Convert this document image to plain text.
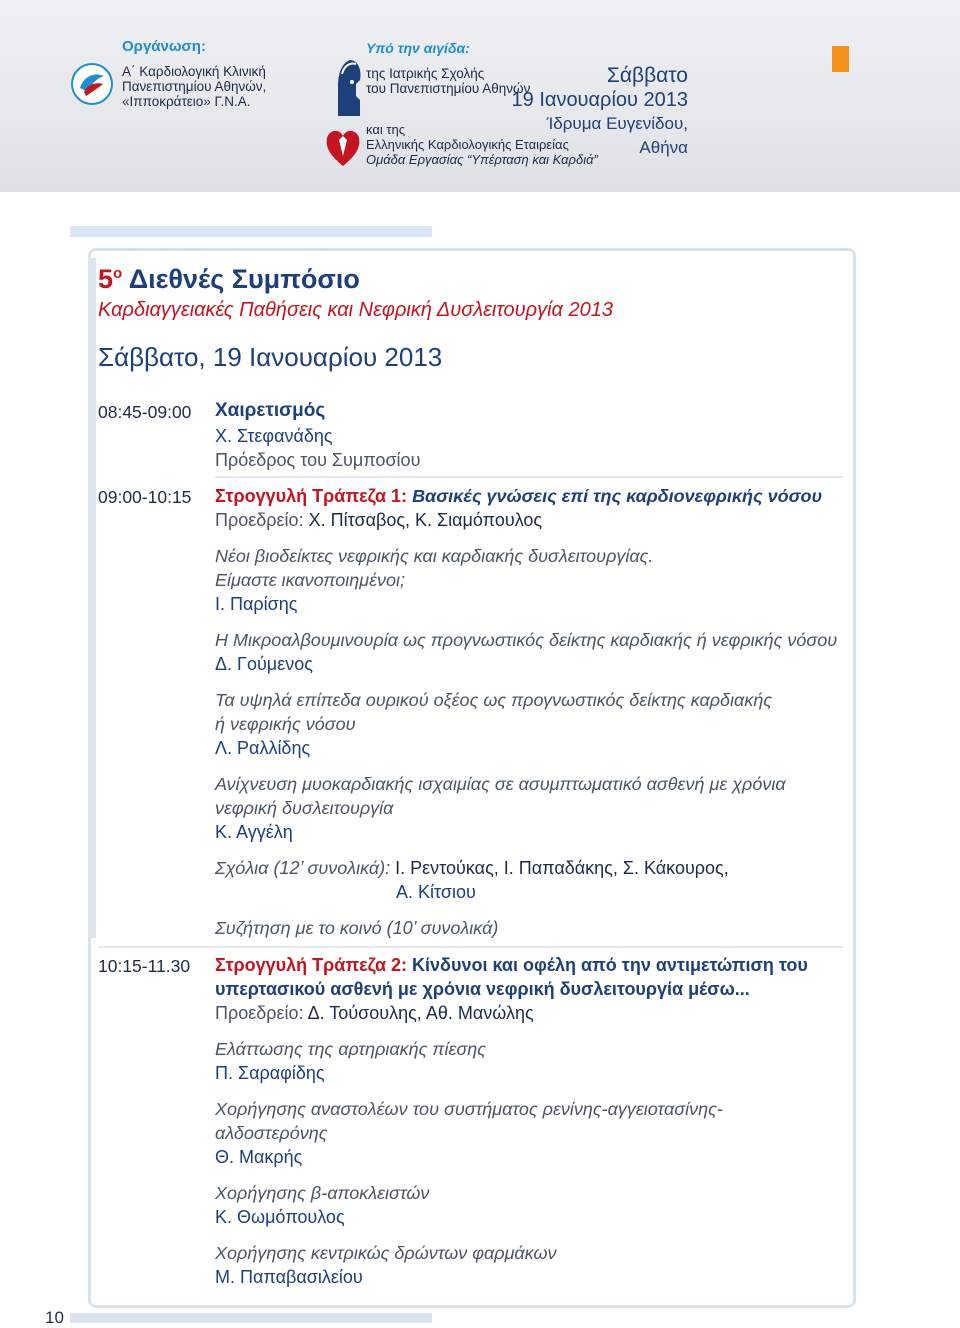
Οργάνωση:
Α΄ Καρδιολογική Κλινική
Πανεπιστημίου Αθηνών,
«Ιπποκράτειο» Γ.Ν.Α.
Υπό την αιγίδα:
της Ιατρικής Σχολής
του Πανεπιστημίου Αθηνών
και της
Ελληνικής Καρδιολογικής Εταιρείας
Ομάδα Εργασίας “Υπέρταση και Καρδιά”
Σάββατο
19 Ιανουαρίου 2013
Ίδρυμα Ευγενίδου,
Αθήνα
$5^o$ Διεθνές Συμπόσιο
Καρδιαγγειακές Παθήσεις και Νεφρική Δυσλειτουργία 2013
Σάββατο, 19 Ιανουαρίου 2013
08:45-09:00 Χαιρετισμός
Χ. Στεφανάδης
Πρόεδρος του Συμποσίου
09:00-10:15 Στρογγυλή Τράπεζα 1: Βασικές γνώσεις επί της καρδιονεφρικής νόσου
Προεδρείο: Χ. Πίτσαβος, Κ. Σιαμόπουλος
Νέοι βιοδείκτες νεφρικής και καρδιακής δυσλειτουργίας.
Είμαστε ικανοποιημένοι;
Ι. Παρίσης
Η Μικροαλβουμινουρία ως προγνωστικός δείκτης καρδιακής ή νεφρικής νόσου
Δ. Γούμενος
Τα υψηλά επίπεδα ουρικού οξέος ως προγνωστικός δείκτης καρδιακής
ή νεφρικής νόσου
Λ. Ραλλίδης
Ανίχνευση μυοκαρδιακής ισχαιμίας σε ασυμπτωματικό ασθενή με χρόνια
νεφρική δυσλειτουργία
Κ. Αγγέλη
Σχόλια (12’ συνολικά): Ι. Ρεντούκας, Ι. Παπαδάκης, Σ. Κάκουρος,
Α. Κίτσιου
Συζήτηση με το κοινό (10’ συνολικά)
10:15-11.30 Στρογγυλή Τράπεζα 2: Κίνδυνοι και οφέλη από την αντιμετώπιση του
υπερτασικού ασθενή με χρόνια νεφρική δυσλειτουργία μέσω...
Προεδρείο: Δ. Τούσουλης, Αθ. Μανώλης
Ελάττωσης της αρτηριακής πίεσης
Π. Σαραφίδης
Χορήγησης αναστολέων του συστήματος ρενίνης-αγγειοτασίνης-
αλδοστερόνης
Θ. Μακρής
Χορήγησης β-αποκλειστών
Κ. Θωμόπουλος
Χορήγησης κεντρικώς δρώντων φαρμάκων
Μ. Παπαβασιλείου
10
